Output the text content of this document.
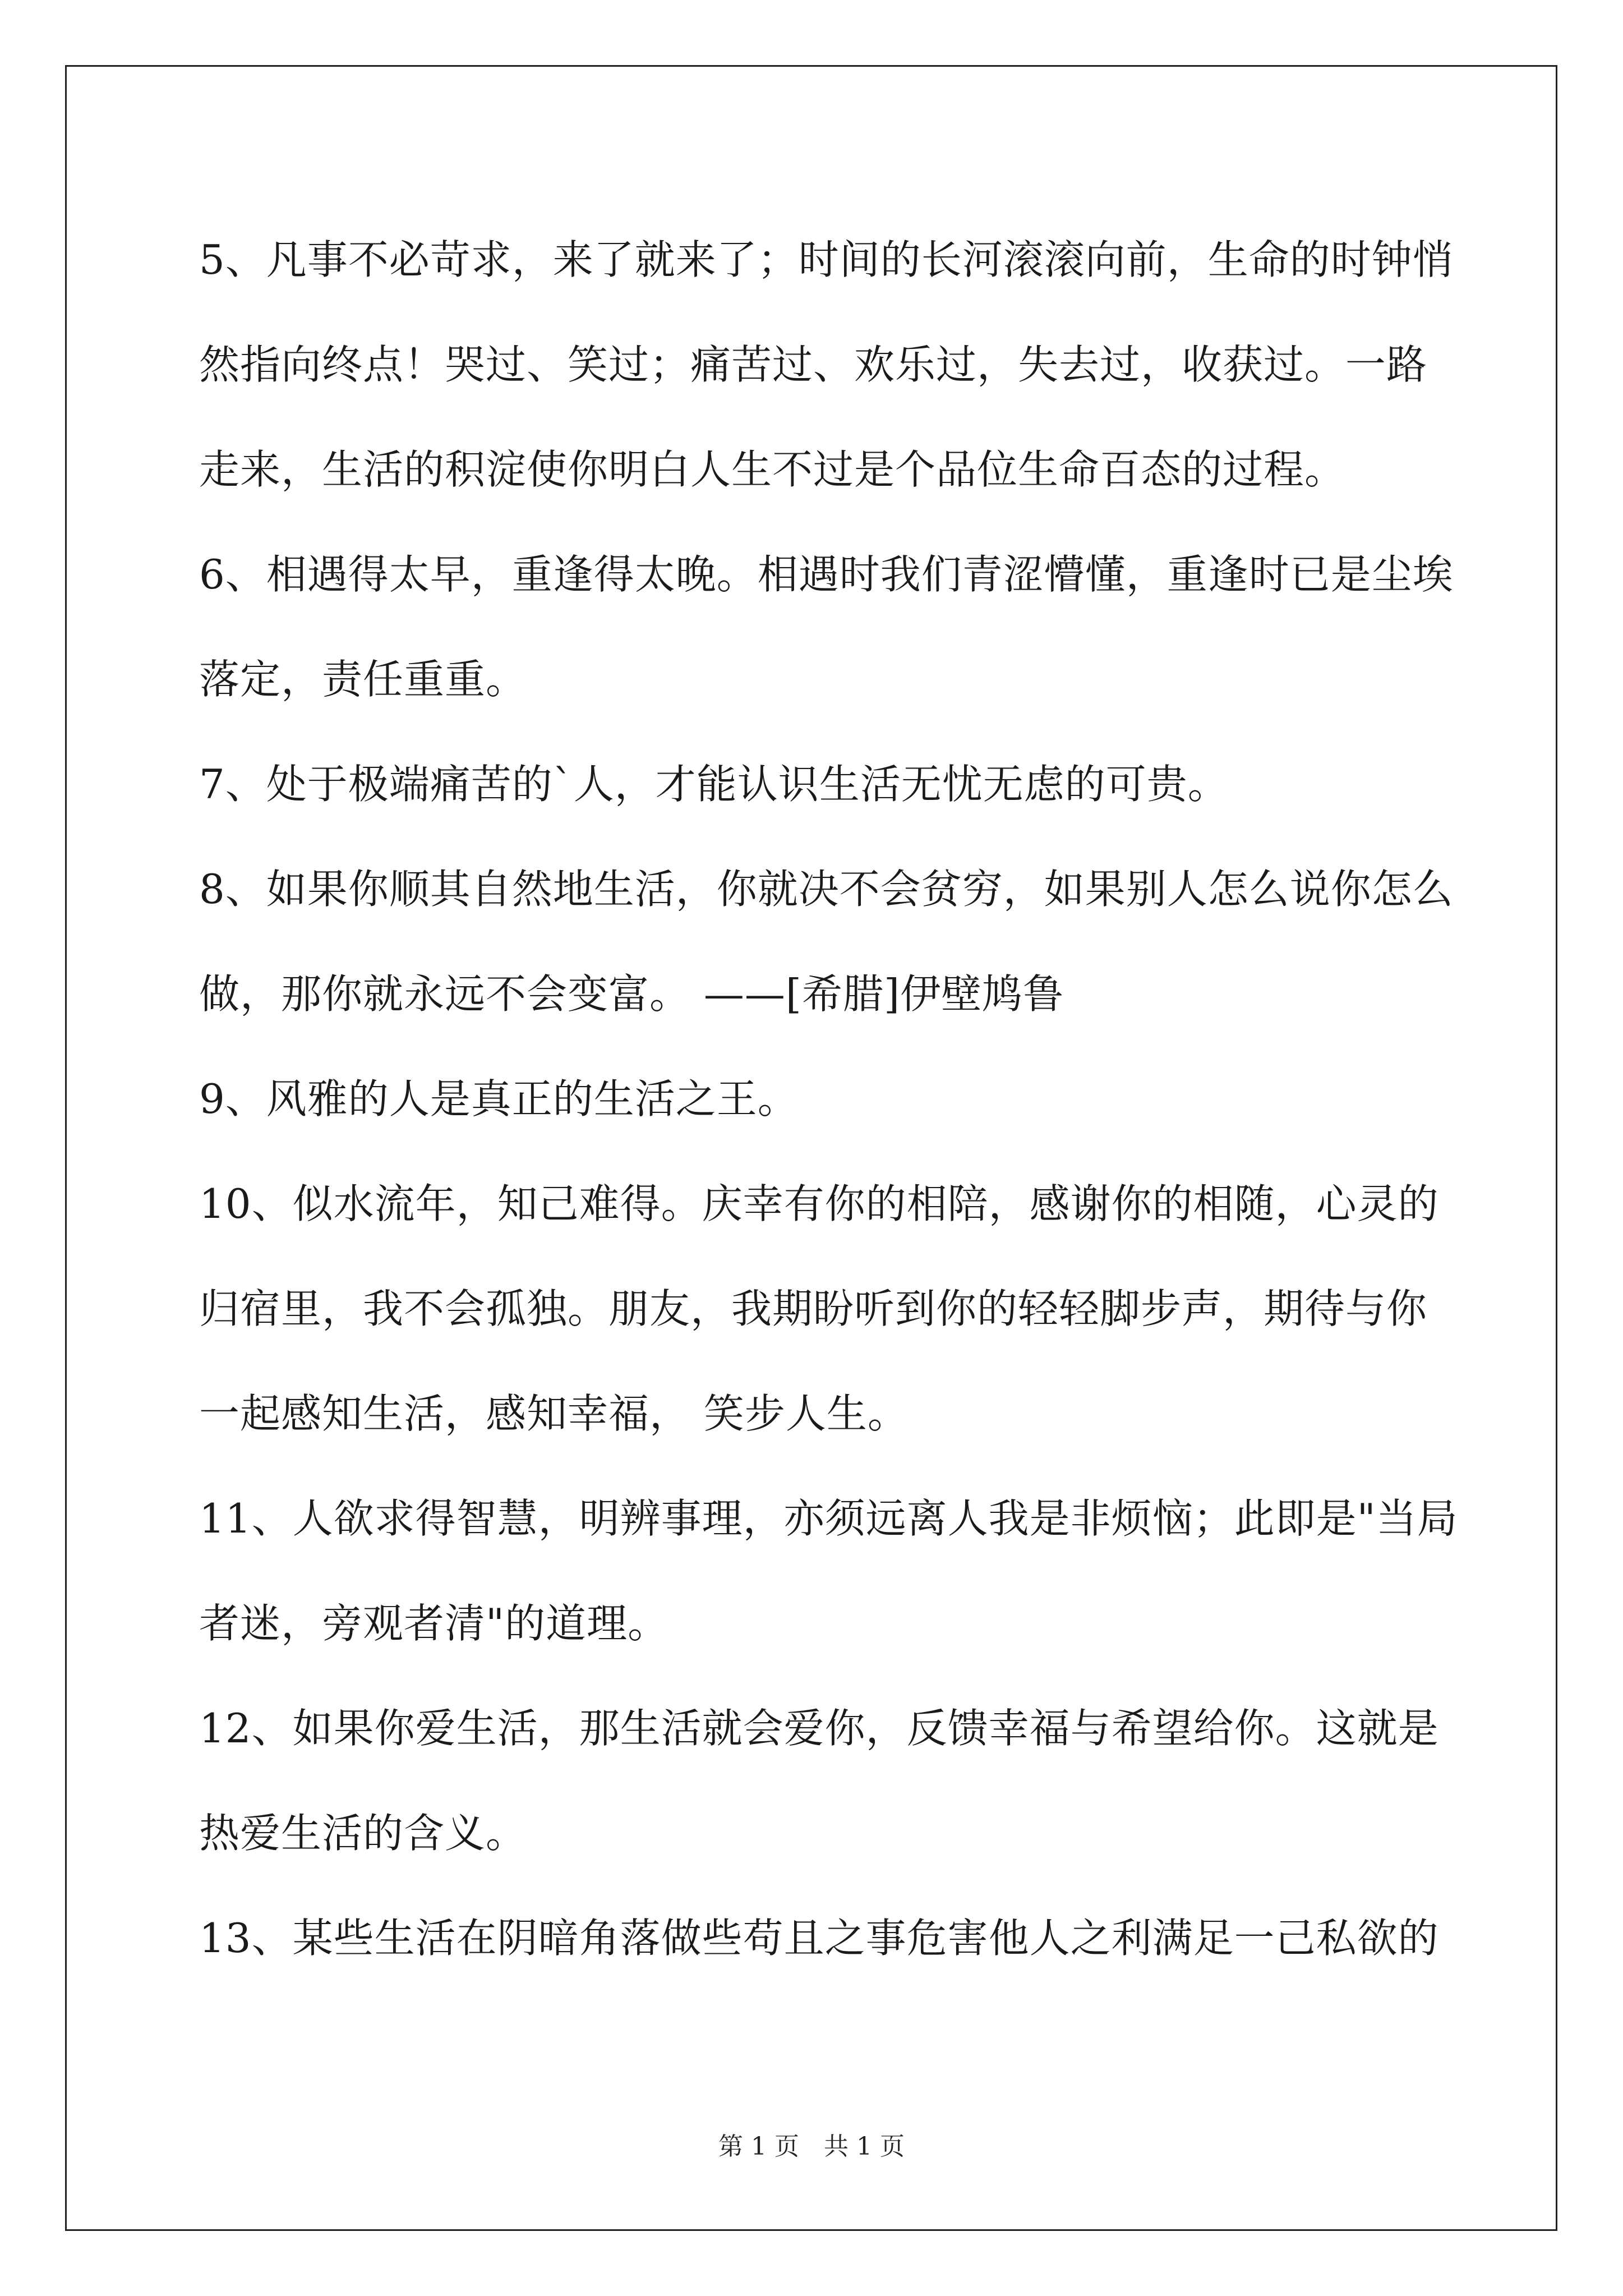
5、凡事不必苛求，来了就来了；时间的长河滚滚向前，生命的时钟悄
然指向终点！哭过、笑过；痛苦过、欢乐过，失去过，收获过。一路
走来，生活的积淀使你明白人生不过是个品位生命百态的过程。
6、相遇得太早，重逢得太晚。相遇时我们青涩懵懂，重逢时已是尘埃
落定，责任重重。
7、处于极端痛苦的`人，才能认识生活无忧无虑的可贵。
8、如果你顺其自然地生活，你就决不会贫穷，如果别人怎么说你怎么
做，那你就永远不会变富。 ——[希腊]伊壁鸠鲁
9、风雅的人是真正的生活之王。
10、似水流年，知己难得。庆幸有你的相陪，感谢你的相随，心灵的
归宿里，我不会孤独。朋友，我期盼听到你的轻轻脚步声，期待与你
一起感知生活，感知幸福， 笑步人生。
11、人欲求得智慧，明辨事理，亦须远离人我是非烦恼；此即是"当局
者迷，旁观者清"的道理。
12、如果你爱生活，那生活就会爱你，反馈幸福与希望给你。这就是
热爱生活的含义。
13、某些生活在阴暗角落做些苟且之事危害他人之利满足一己私欲的
第 1 页　共 1 页
